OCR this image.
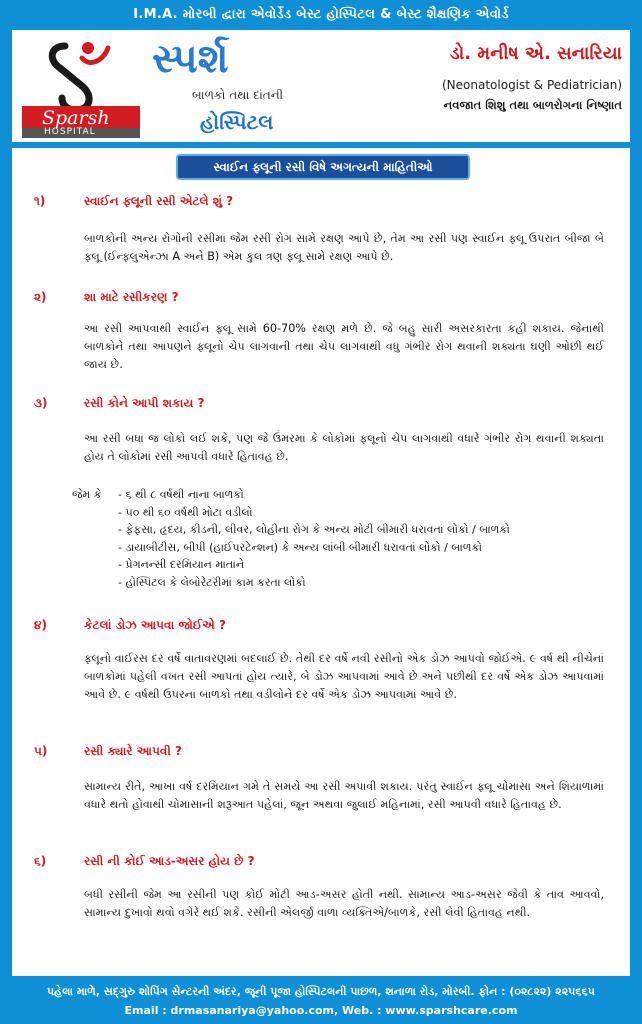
I.M.A. મોરબી દ્વારા એવોર્ડેડ બેસ્ટ હોસ્પિટલ & બેસ્ટ શૈક્ષણિક એવોર્ડ
Sparsh
HOSPITAL
સ્પર્શ
બાળકો તથા દાંતની
હોસ્પિટલ
ડો. મનીષ એ. સનારિયા
(Neonatologist & Pediatrician)
નવજાત શિશુ તથા બાળરોગના નિષ્ણાત
સ્વાઈન ફ્લૂની રસી વિષે અગત્યની માહિતીઓ
૧)	સ્વાઈન ફ્લૂની રસી એટલે શું ?
બાળકોની અન્ય રોગોની રસીમાં જેમ રસી રોગ સામે રક્ષણ આપે છે, તેમ આ રસી પણ સ્વાઈન ફ્લૂ ઉપરાંત બીજા બે ફ્લૂ (ઈન્ફ્લુએન્ઝા A અને B) એમ કુલ ત્રણ ફ્લૂ સામે રક્ષણ આપે છે.
૨)	શા માટે રસીકરણ ?
આ રસી આપવાથી સ્વાઈન ફ્લૂ સામે 60-70% રક્ષણ મળે છે. જે બહુ સારી અસરકારતા કહી શકાય. જેનાથી બાળકોને તથા આપણને ફ્લૂનો ચેપ લાગવાની તથા ચેપ લાગવાથી વધુ ગંભીર રોગ થવાની શક્યતા ઘણી ઓછી થઈ જાય છે.
૩)	રસી કોને આપી શકાય ?
આ રસી બધાં જ લોકો લઈ શકે, પણ જે ઉંમરમાં કે લોકોમાં ફ્લૂનો ચેપ લાગવાથી વધારે ગંભીર રોગ થવાની શક્યતા હોય તે લોકોમાં રસી આપવી વધારે હિતાવહ છે.
જેમ કે	- ૬ થી ૮ વર્ષથી નાના બાળકો
- ૫૦ થી ૬૦ વર્ષથી મોટા વડીલો
- ફેફસા, હૃદય, કીડની, લીવર, લોહીના રોગ કે અન્ય મોટી બીમારી ધરાવતાં લોકો / બાળકો
- ડાયાબીટીસ, બીપી (હાઈપરટેન્શન) કે અન્ય લાંબી બીમારી ધરાવતાં લોકો / બાળકો
- પ્રેગનન્સી દરમિયાન માતાને
- હોસ્પિટલ કે લેબોરેટરીમાં કામ કરતા લોકો
૪)	કેટલાં ડોઝ આપવા જોઈએ ?
ફ્લૂનો વાઈરસ દર વર્ષે વાતાવરણમાં બદલાઈ છે. તેથી દર વર્ષે નવી રસીનો એક ડોઝ આપવો જોઈએ. ૯ વર્ષ થી નીચેનાં બાળકોમાં પહેલી વખત રસી આપતાં હોય ત્યારે, બે ડોઝ આપવામાં આવે છે અને પછીથી દર વર્ષે એક ડોઝ આપવામાં આવે છે. ૯ વર્ષથી ઉપરનાં બાળકો તથા વડીલોને દર વર્ષે એક ડોઝ આપવામાં આવે છે.
૫)	રસી ક્યારે આપવી ?
સામાન્ય રીતે, આખા વર્ષ દરમિયાન ગમે તે સમયે આ રસી અપાવી શકાય. પરંતુ સ્વાઈન ફ્લૂ ચોમાસા અને શિયાળામાં વધારે થતો હોવાથી ચોમાસાની શરૂઆત પહેલાં, જૂન અથવા જુલાઈ મહિનામાં, રસી આપવી વધારે હિતાવહ છે.
૬)	રસી ની કોઈ આડ-અસર હોય છે ?
બધી રસીની જેમ આ રસીની પણ કોઈ મોટી આડ-અસર હોતી નથી. સામાન્ય આડ-અસર જેવી કે તાવ આવવો, સામાન્ય દુખાવો થવો વગેરે થઈ શકે. રસીની એલર્જી વાળા વ્યક્તિએ/બાળકે, રસી લેવી હિતાવહ નથી.
પહેલા માળે, સદ્‌ગુરુ શોપિંગ સેન્ટરની અંદર, જૂની પૂજા હોસ્પિટલની પાછળ, શનાળા રોડ, મોરબી. ફોન : (૦૨૮૨૨) ૨૨૫૬૬૫
Email : drmasanariya@yahoo.com, Web. : www.sparshcare.com
